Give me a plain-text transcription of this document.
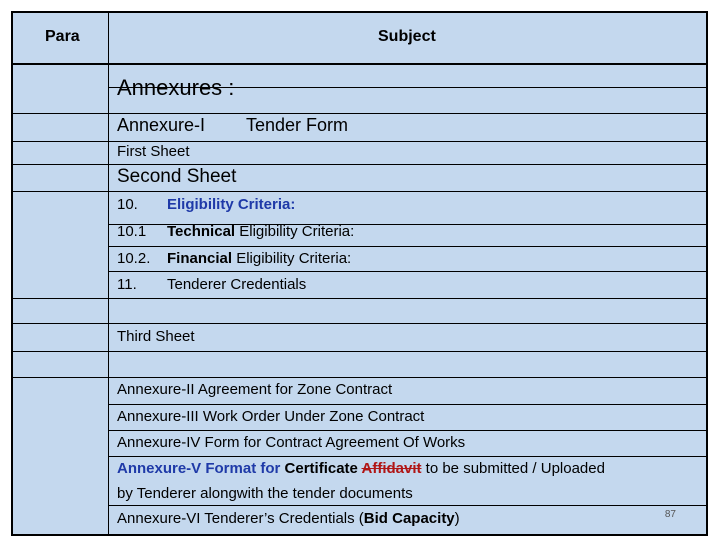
Para	Subject
Annexures :
Annexure-I Tender Form
First Sheet
Second Sheet
10. Eligibility Criteria:
10.1 Technical Eligibility Criteria:
10.2. Financial Eligibility Criteria:
11. Tenderer Credentials
Third Sheet
Annexure-II Agreement for Zone Contract
Annexure-III Work Order Under Zone Contract
Annexure-IV Form for Contract Agreement Of Works
Annexure-V Format for Certificate Affidavit to be submitted / Uploaded
by Tenderer alongwith the tender documents
Annexure-VI Tenderer’s Credentials (Bid Capacity)	87
